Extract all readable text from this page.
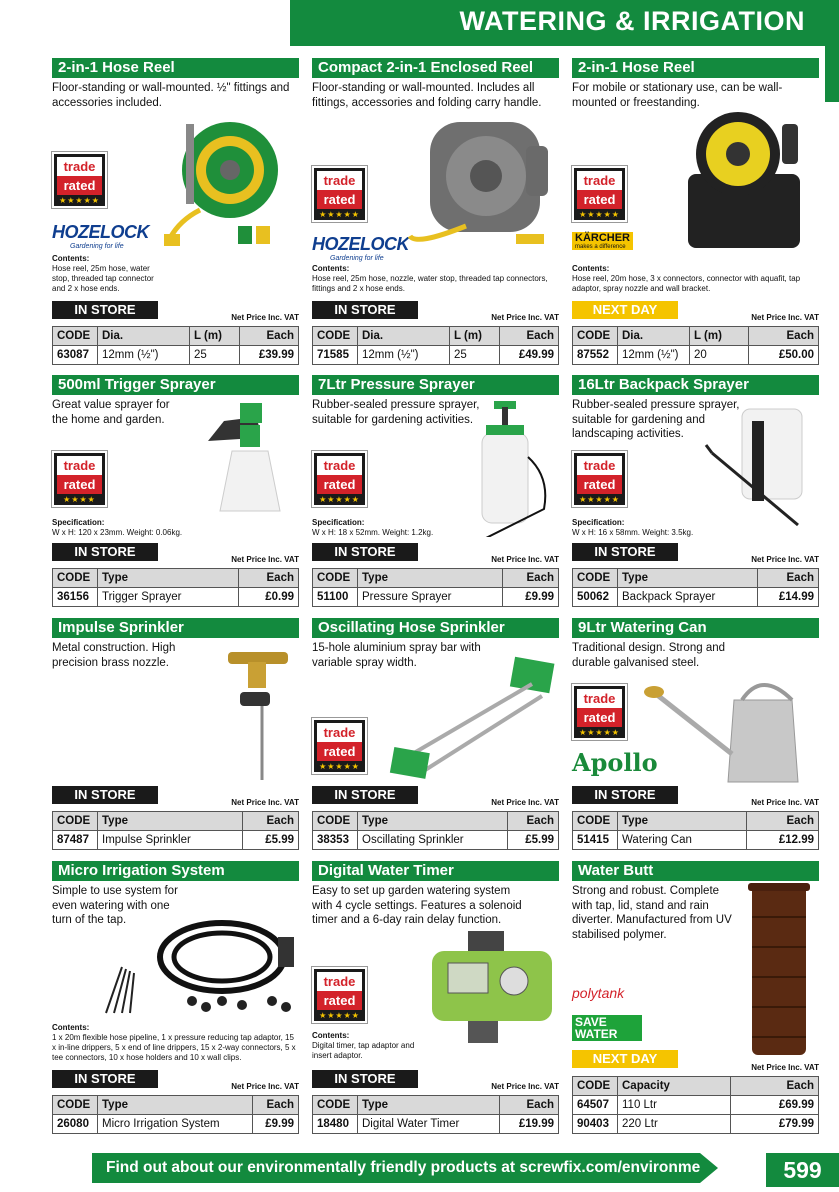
WATERING & IRRIGATION
2-in-1 Hose Reel
Floor-standing or wall-mounted. ½" fittings and accessories included.
trade
rated
★★★★★
HOZELOCK
Gardening for life
Contents:
Hose reel, 25m hose, water stop, threaded tap connector and 2 x hose ends.
IN STORE
Net Price Inc. VAT
CODE	Dia.	L (m)	Each
63087	12mm (½")	25	£39.99
Compact 2-in-1 Enclosed Reel
Floor-standing or wall-mounted. Includes all fittings, accessories and folding carry handle.
trade
rated
★★★★★
HOZELOCK
Gardening for life
Contents:
Hose reel, 25m hose, nozzle, water stop, threaded tap connectors, fittings and 2 x hose ends.
IN STORE
Net Price Inc. VAT
CODE	Dia.	L (m)	Each
71585	12mm (½")	25	£49.99
2-in-1 Hose Reel
For mobile or stationary use, can be wall-mounted or freestanding.
trade
rated
★★★★★
KÄRCHER
makes a difference
Contents:
Hose reel, 20m hose, 3 x connectors, connector with aquafit, tap adaptor, spray nozzle and wall bracket.
NEXT DAY
Net Price Inc. VAT
CODE	Dia.	L (m)	Each
87552	12mm (½")	20	£50.00
500ml Trigger Sprayer
Great value sprayer for the home and garden.
trade
rated
★★★★
Specification:
W x H: 120 x 23mm. Weight: 0.06kg.
IN STORE
Net Price Inc. VAT
CODE	Type	Each
36156	Trigger Sprayer	£0.99
7Ltr Pressure Sprayer
Rubber-sealed pressure sprayer, suitable for gardening activities.
trade
rated
★★★★★
Specification:
W x H: 18 x 52mm. Weight: 1.2kg.
IN STORE
Net Price Inc. VAT
CODE	Type	Each
51100	Pressure Sprayer	£9.99
16Ltr Backpack Sprayer
Rubber-sealed pressure sprayer, suitable for gardening and landscaping activities.
trade
rated
★★★★★
Specification:
W x H: 16 x 58mm. Weight: 3.5kg.
IN STORE
Net Price Inc. VAT
CODE	Type	Each
50062	Backpack Sprayer	£14.99
Impulse Sprinkler
Metal construction. High precision brass nozzle.
IN STORE
Net Price Inc. VAT
CODE	Type	Each
87487	Impulse Sprinkler	£5.99
Oscillating Hose Sprinkler
15-hole aluminium spray bar with variable spray width.
trade
rated
★★★★★
IN STORE
Net Price Inc. VAT
CODE	Type	Each
38353	Oscillating Sprinkler	£5.99
9Ltr Watering Can
Traditional design. Strong and durable galvanised steel.
trade
rated
★★★★★
Apollo
IN STORE
Net Price Inc. VAT
CODE	Type	Each
51415	Watering Can	£12.99
Micro Irrigation System
Simple to use system for even watering with one turn of the tap.
Contents:
1 x 20m flexible hose pipeline, 1 x pressure reducing tap adaptor, 15 x in-line drippers, 5 x end of line drippers, 15 x 2-way connectors, 5 x tee connectors, 10 x hose holders and 10 x wall clips.
IN STORE
Net Price Inc. VAT
CODE	Type	Each
26080	Micro Irrigation System	£9.99
Digital Water Timer
Easy to set up garden watering system with 4 cycle settings. Features a solenoid timer and a 6-day rain delay function.
trade
rated
★★★★★
Contents:
Digital timer, tap adaptor and insert adaptor.
IN STORE
Net Price Inc. VAT
CODE	Type	Each
18480	Digital Water Timer	£19.99
Water Butt
Strong and robust. Complete with tap, lid, stand and rain diverter. Manufactured from UV stabilised polymer.
polytank
SAVE WATER
NEXT DAY
Net Price Inc. VAT
CODE	Capacity	Each
64507	110 Ltr	£69.99
90403	220 Ltr	£79.99
Find out about our environmentally friendly products at screwfix.com/environment	599
